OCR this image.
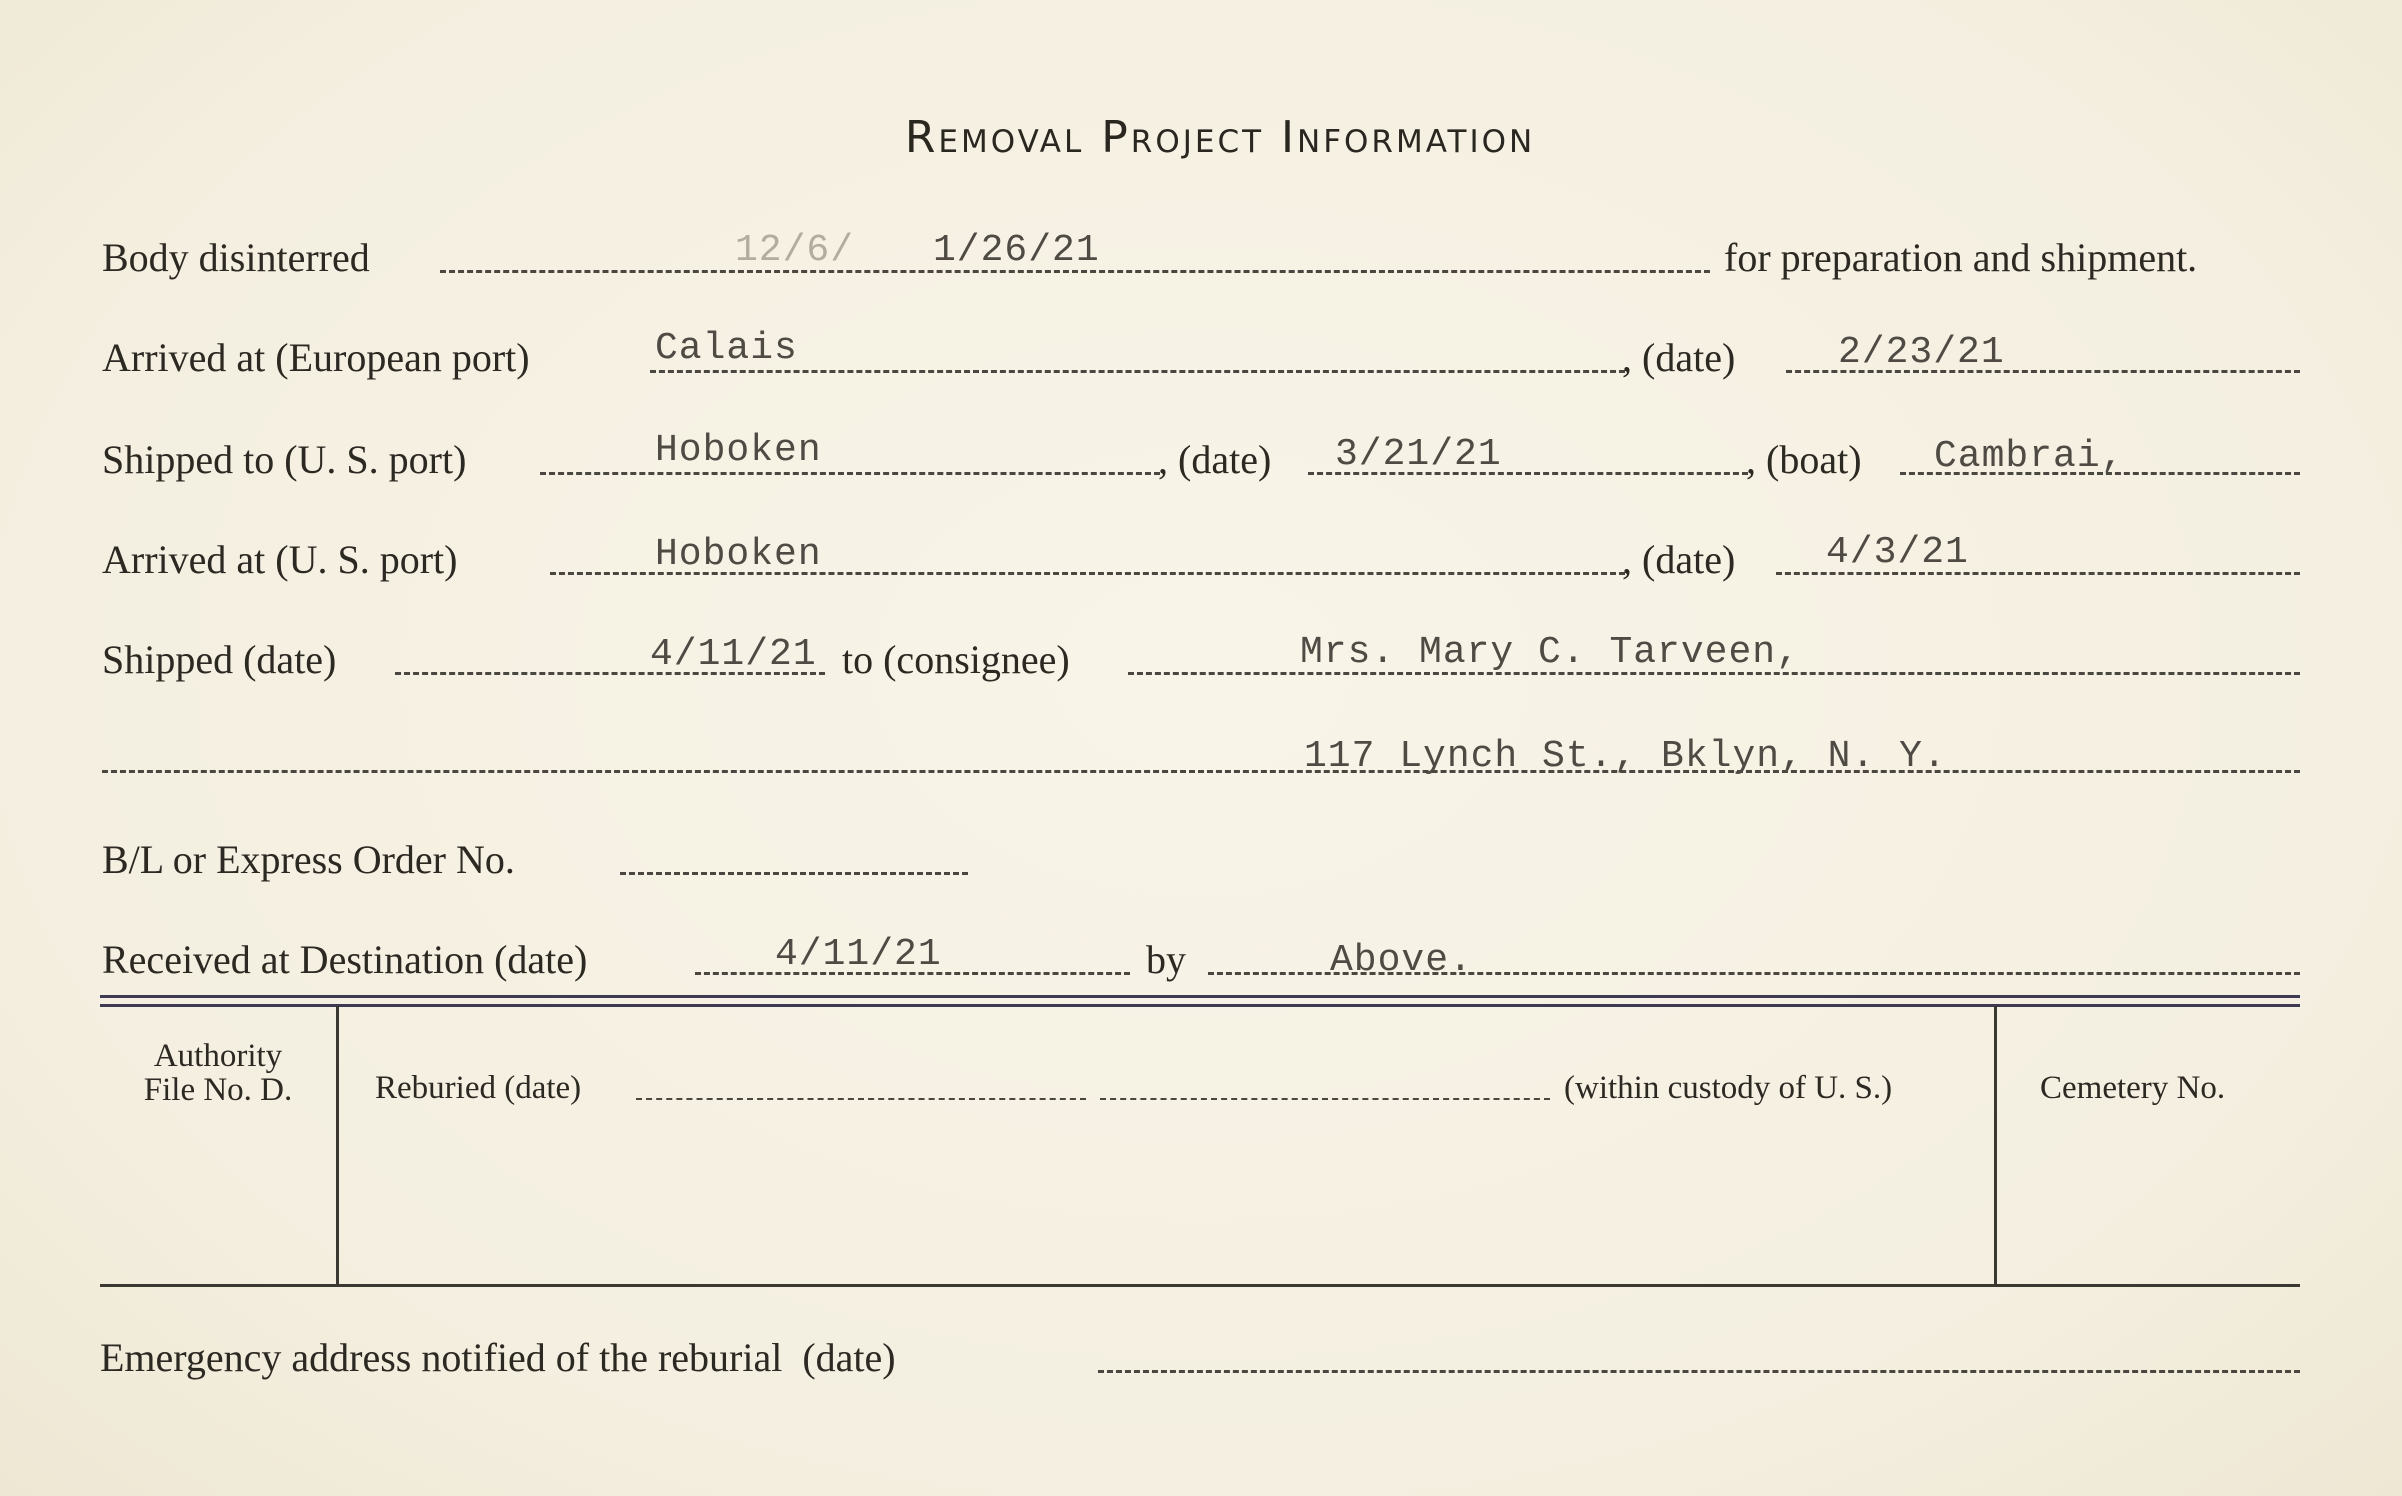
Removal Project Information
Body disinterred	12/6/ 1/26/21	for preparation and shipment.
Arrived at (European port)	Calais	, (date)	2/23/21
Shipped to (U. S. port)	Hoboken	, (date) 3/21/21	, (boat) Cambrai,
Arrived at (U. S. port)	Hoboken	, (date) 4/3/21
Shipped (date)	4/11/21 to (consignee)	Mrs. Mary C. Tarveen,
117 Lynch St., Bklyn, N. Y.
B/L or Express Order No.
Received at Destination (date)	4/11/21	by	Above.
Authority
File No. D.	Reburied (date)	(within custody of U. S.)	Cemetery No.
Emergency address notified of the reburial  (date)
